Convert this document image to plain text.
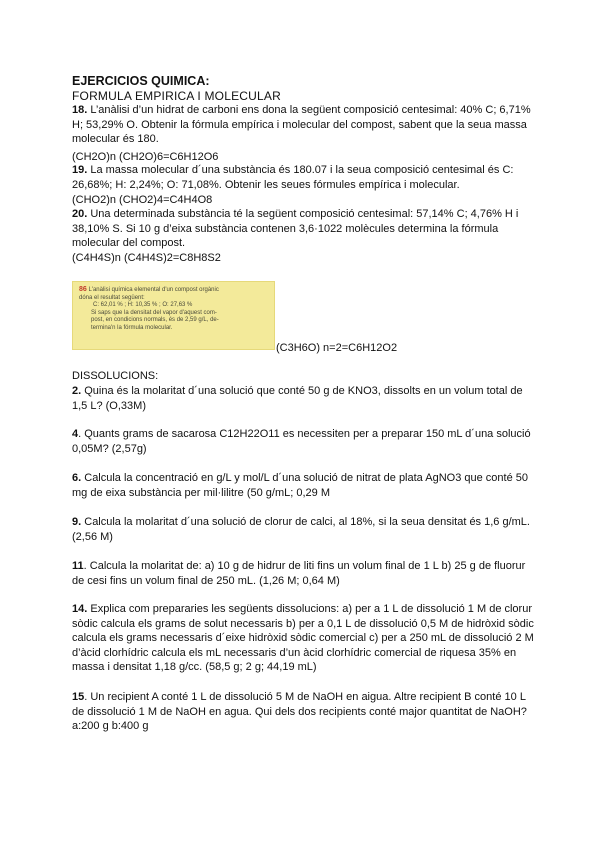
EJERCICIOS QUIMICA:
FORMULA EMPIRICA I MOLECULAR
18. L’anàlisi d’un hidrat de carboni ens dona la següent composició centesimal: 40% C; 6,71% H; 53,29% O. Obtenir la fórmula empírica i molecular del compost, sabent que la seua massa molecular és 180.
(CH2O)n (CH2O)6=C6H12O6
19. La massa molecular d´una substància és 180.07 i la seua composició centesimal és C: 26,68%; H: 2,24%; O: 71,08%. Obtenir les seues fórmules empírica i molecular.
(CHO2)n (CHO2)4=C4H4O8
20. Una determinada substància té la següent composició centesimal: 57,14% C; 4,76% H i 38,10% S. Si 10 g d’eixa substància contenen 3,6·1022 molècules determina la fórmula molecular del compost.
(C4H4S)n (C4H4S)2=C8H8S2

86 L'anàlisi química elemental d'un compost orgànic

dóna el resultat següent:

C: 62,01 % ; H: 10,35 % ; O: 27,63 %

Si saps que la densitat del vapor d'aquest com-

post, en condicions normals, és de 2,59 g/L, de-

termina'n la fórmula molecular.

(C3H6O) n=2=C6H12O2
DISSOLUCIONS:
2. Quina és la molaritat d´una solució que conté 50 g de KNO3, dissolts en un volum total de 1,5 L? (O,33M)
4. Quants grams de sacarosa C12H22O11 es necessiten per a preparar 150 mL d´una solució 0,05M? (2,57g)
6. Calcula la concentració en g/L y mol/L d´una solució de nitrat de plata AgNO3 que conté 50 mg de eixa substància per mil·lilitre (50 g/mL; 0,29 M
9. Calcula la molaritat d´una solució de clorur de calci, al 18%, si la seua densitat és 1,6 g/mL. (2,56 M)
11. Calcula la molaritat de: a) 10 g de hidrur de liti fins un volum final de 1 L b) 25 g de fluorur de cesi fins un volum final de 250 mL. (1,26 M; 0,64 M)
14. Explica com prepararies les següents dissolucions: a) per a 1 L de dissolució 1 M de clorur sòdic calcula els grams de solut necessaris b) per a 0,1 L de dissolució 0,5 M de hidròxid sòdic calcula els grams necessaris d´eixe hidròxid sòdic comercial c) per a 250 mL de dissolució 2 M d’àcid clorhídric calcula els mL necessaris d’un àcid clorhídric comercial de riquesa 35% en massa i densitat 1,18 g/cc. (58,5 g; 2 g; 44,19 mL)
15. Un recipient A conté 1 L de dissolució 5 M de NaOH en aigua. Altre recipient B conté 10 L de dissolució 1 M de NaOH en agua. Qui dels dos recipients conté major quantitat de NaOH? a:200 g b:400 g
